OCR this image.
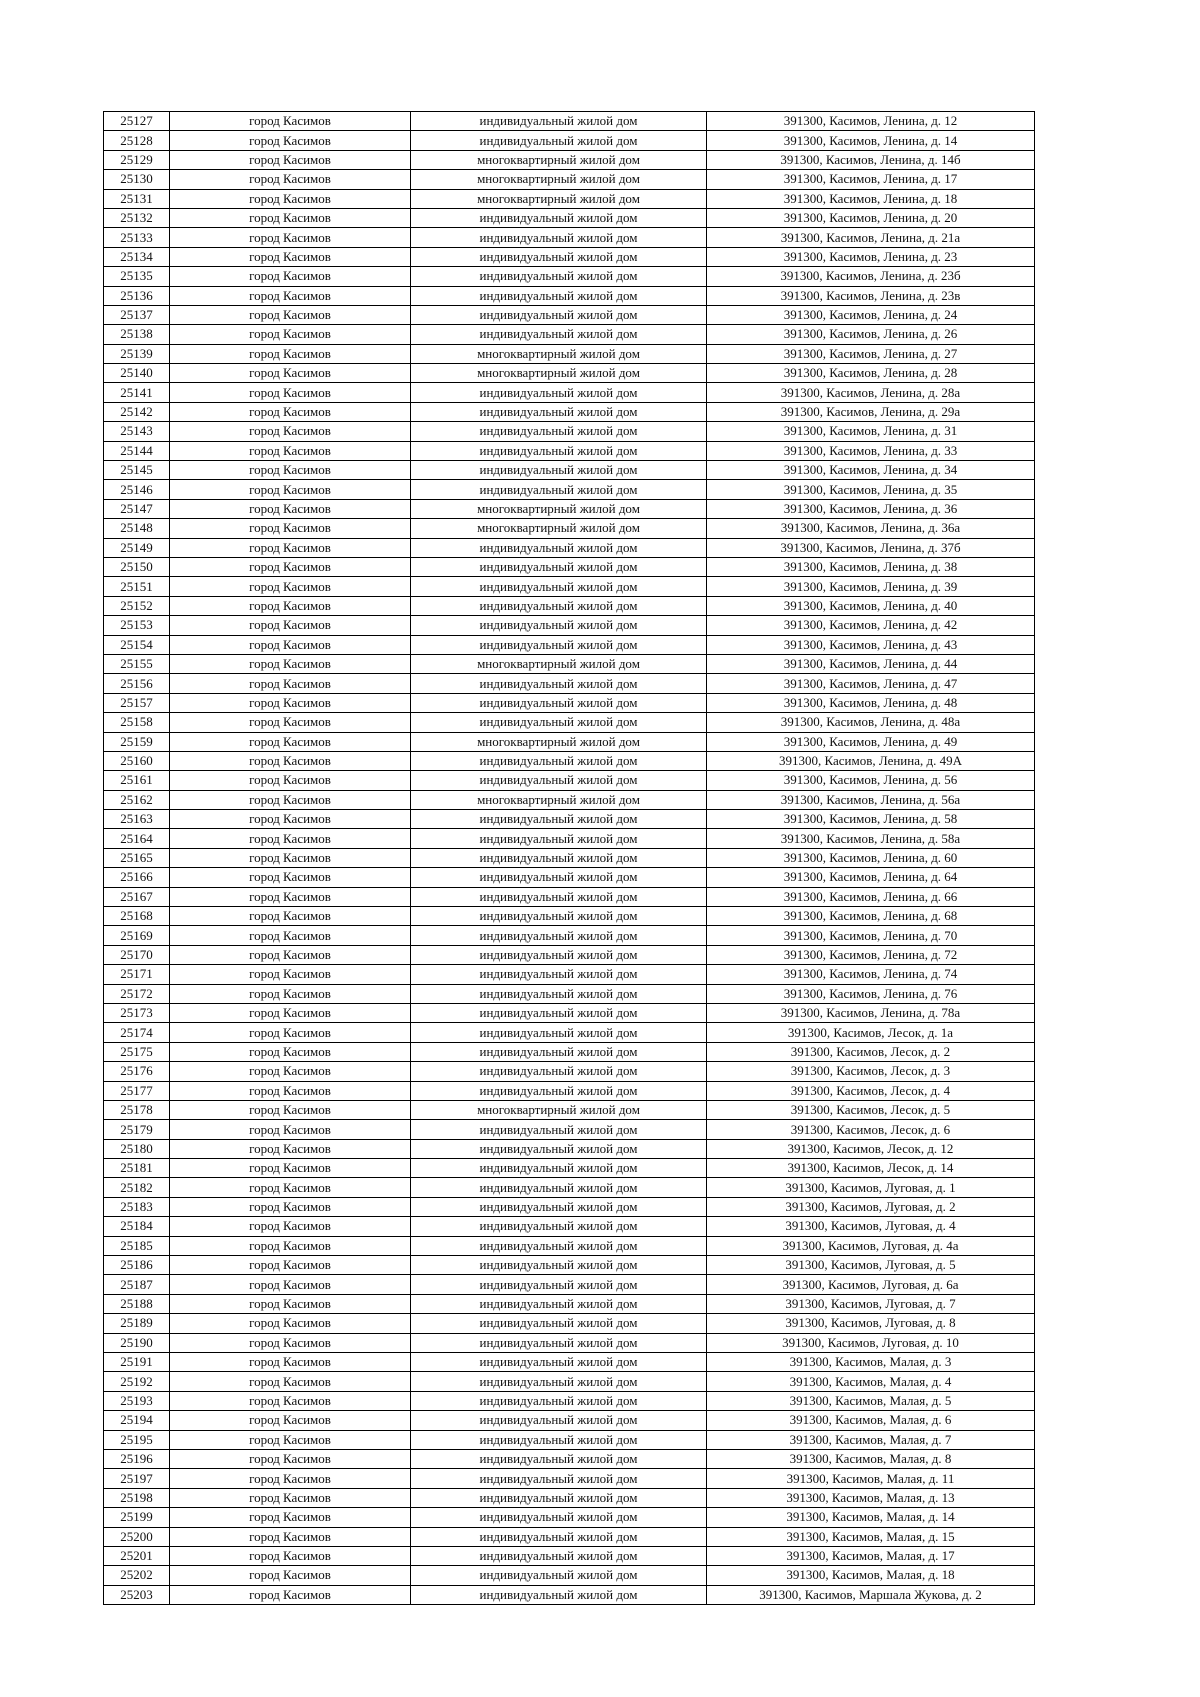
25127	город Касимов	индивидуальный жилой дом	391300, Касимов, Ленина, д. 12
25128	город Касимов	индивидуальный жилой дом	391300, Касимов, Ленина, д. 14
25129	город Касимов	многоквартирный жилой дом	391300, Касимов, Ленина, д. 14б
25130	город Касимов	многоквартирный жилой дом	391300, Касимов, Ленина, д. 17
25131	город Касимов	многоквартирный жилой дом	391300, Касимов, Ленина, д. 18
25132	город Касимов	индивидуальный жилой дом	391300, Касимов, Ленина, д. 20
25133	город Касимов	индивидуальный жилой дом	391300, Касимов, Ленина, д. 21а
25134	город Касимов	индивидуальный жилой дом	391300, Касимов, Ленина, д. 23
25135	город Касимов	индивидуальный жилой дом	391300, Касимов, Ленина, д. 23б
25136	город Касимов	индивидуальный жилой дом	391300, Касимов, Ленина, д. 23в
25137	город Касимов	индивидуальный жилой дом	391300, Касимов, Ленина, д. 24
25138	город Касимов	индивидуальный жилой дом	391300, Касимов, Ленина, д. 26
25139	город Касимов	многоквартирный жилой дом	391300, Касимов, Ленина, д. 27
25140	город Касимов	многоквартирный жилой дом	391300, Касимов, Ленина, д. 28
25141	город Касимов	индивидуальный жилой дом	391300, Касимов, Ленина, д. 28а
25142	город Касимов	индивидуальный жилой дом	391300, Касимов, Ленина, д. 29а
25143	город Касимов	индивидуальный жилой дом	391300, Касимов, Ленина, д. 31
25144	город Касимов	индивидуальный жилой дом	391300, Касимов, Ленина, д. 33
25145	город Касимов	индивидуальный жилой дом	391300, Касимов, Ленина, д. 34
25146	город Касимов	индивидуальный жилой дом	391300, Касимов, Ленина, д. 35
25147	город Касимов	многоквартирный жилой дом	391300, Касимов, Ленина, д. 36
25148	город Касимов	многоквартирный жилой дом	391300, Касимов, Ленина, д. 36а
25149	город Касимов	индивидуальный жилой дом	391300, Касимов, Ленина, д. 37б
25150	город Касимов	индивидуальный жилой дом	391300, Касимов, Ленина, д. 38
25151	город Касимов	индивидуальный жилой дом	391300, Касимов, Ленина, д. 39
25152	город Касимов	индивидуальный жилой дом	391300, Касимов, Ленина, д. 40
25153	город Касимов	индивидуальный жилой дом	391300, Касимов, Ленина, д. 42
25154	город Касимов	индивидуальный жилой дом	391300, Касимов, Ленина, д. 43
25155	город Касимов	многоквартирный жилой дом	391300, Касимов, Ленина, д. 44
25156	город Касимов	индивидуальный жилой дом	391300, Касимов, Ленина, д. 47
25157	город Касимов	индивидуальный жилой дом	391300, Касимов, Ленина, д. 48
25158	город Касимов	индивидуальный жилой дом	391300, Касимов, Ленина, д. 48а
25159	город Касимов	многоквартирный жилой дом	391300, Касимов, Ленина, д. 49
25160	город Касимов	индивидуальный жилой дом	391300, Касимов, Ленина, д. 49А
25161	город Касимов	индивидуальный жилой дом	391300, Касимов, Ленина, д. 56
25162	город Касимов	многоквартирный жилой дом	391300, Касимов, Ленина, д. 56а
25163	город Касимов	индивидуальный жилой дом	391300, Касимов, Ленина, д. 58
25164	город Касимов	индивидуальный жилой дом	391300, Касимов, Ленина, д. 58а
25165	город Касимов	индивидуальный жилой дом	391300, Касимов, Ленина, д. 60
25166	город Касимов	индивидуальный жилой дом	391300, Касимов, Ленина, д. 64
25167	город Касимов	индивидуальный жилой дом	391300, Касимов, Ленина, д. 66
25168	город Касимов	индивидуальный жилой дом	391300, Касимов, Ленина, д. 68
25169	город Касимов	индивидуальный жилой дом	391300, Касимов, Ленина, д. 70
25170	город Касимов	индивидуальный жилой дом	391300, Касимов, Ленина, д. 72
25171	город Касимов	индивидуальный жилой дом	391300, Касимов, Ленина, д. 74
25172	город Касимов	индивидуальный жилой дом	391300, Касимов, Ленина, д. 76
25173	город Касимов	индивидуальный жилой дом	391300, Касимов, Ленина, д. 78а
25174	город Касимов	индивидуальный жилой дом	391300, Касимов, Лесок, д. 1а
25175	город Касимов	индивидуальный жилой дом	391300, Касимов, Лесок, д. 2
25176	город Касимов	индивидуальный жилой дом	391300, Касимов, Лесок, д. 3
25177	город Касимов	индивидуальный жилой дом	391300, Касимов, Лесок, д. 4
25178	город Касимов	многоквартирный жилой дом	391300, Касимов, Лесок, д. 5
25179	город Касимов	индивидуальный жилой дом	391300, Касимов, Лесок, д. 6
25180	город Касимов	индивидуальный жилой дом	391300, Касимов, Лесок, д. 12
25181	город Касимов	индивидуальный жилой дом	391300, Касимов, Лесок, д. 14
25182	город Касимов	индивидуальный жилой дом	391300, Касимов, Луговая, д. 1
25183	город Касимов	индивидуальный жилой дом	391300, Касимов, Луговая, д. 2
25184	город Касимов	индивидуальный жилой дом	391300, Касимов, Луговая, д. 4
25185	город Касимов	индивидуальный жилой дом	391300, Касимов, Луговая, д. 4а
25186	город Касимов	индивидуальный жилой дом	391300, Касимов, Луговая, д. 5
25187	город Касимов	индивидуальный жилой дом	391300, Касимов, Луговая, д. 6а
25188	город Касимов	индивидуальный жилой дом	391300, Касимов, Луговая, д. 7
25189	город Касимов	индивидуальный жилой дом	391300, Касимов, Луговая, д. 8
25190	город Касимов	индивидуальный жилой дом	391300, Касимов, Луговая, д. 10
25191	город Касимов	индивидуальный жилой дом	391300, Касимов, Малая, д. 3
25192	город Касимов	индивидуальный жилой дом	391300, Касимов, Малая, д. 4
25193	город Касимов	индивидуальный жилой дом	391300, Касимов, Малая, д. 5
25194	город Касимов	индивидуальный жилой дом	391300, Касимов, Малая, д. 6
25195	город Касимов	индивидуальный жилой дом	391300, Касимов, Малая, д. 7
25196	город Касимов	индивидуальный жилой дом	391300, Касимов, Малая, д. 8
25197	город Касимов	индивидуальный жилой дом	391300, Касимов, Малая, д. 11
25198	город Касимов	индивидуальный жилой дом	391300, Касимов, Малая, д. 13
25199	город Касимов	индивидуальный жилой дом	391300, Касимов, Малая, д. 14
25200	город Касимов	индивидуальный жилой дом	391300, Касимов, Малая, д. 15
25201	город Касимов	индивидуальный жилой дом	391300, Касимов, Малая, д. 17
25202	город Касимов	индивидуальный жилой дом	391300, Касимов, Малая, д. 18
25203	город Касимов	индивидуальный жилой дом	391300, Касимов, Маршала Жукова, д. 2
